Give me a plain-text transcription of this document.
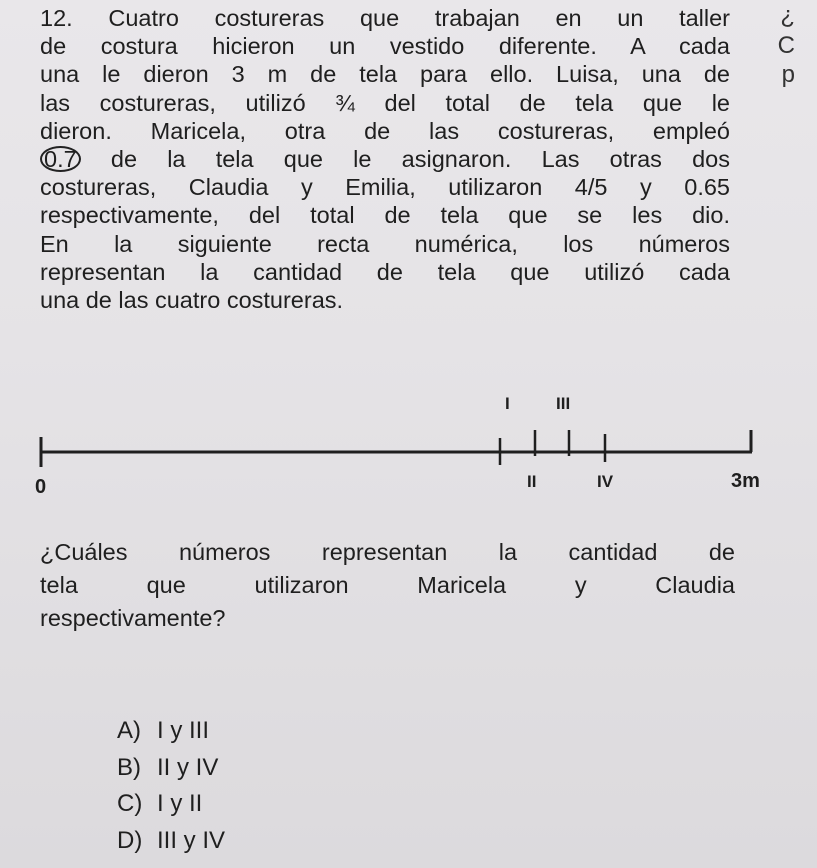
12. Cuatro costureras que trabajan en un taller
de costura hicieron un vestido diferente. A cada
una le dieron 3 m de tela para ello. Luisa, una de
las costureras, utilizó ¾ del total de tela que le
dieron. Maricela, otra de las costureras, empleó
0.7 de la tela que le asignaron. Las otras dos
costureras, Claudia y Emilia, utilizaron 4/5 y 0.65
respectivamente, del total de tela que se les dio.
En la siguiente recta numérica, los números
representan la cantidad de tela que utilizó cada
una de las cuatro costureras.
¿
C
p
0	3m
I	III
II	IV
¿Cuáles números representan la cantidad de
tela que utilizaron Maricela y Claudia
respectivamente?
A) I y III
B) II y IV
C) I y II
D) III y IV
